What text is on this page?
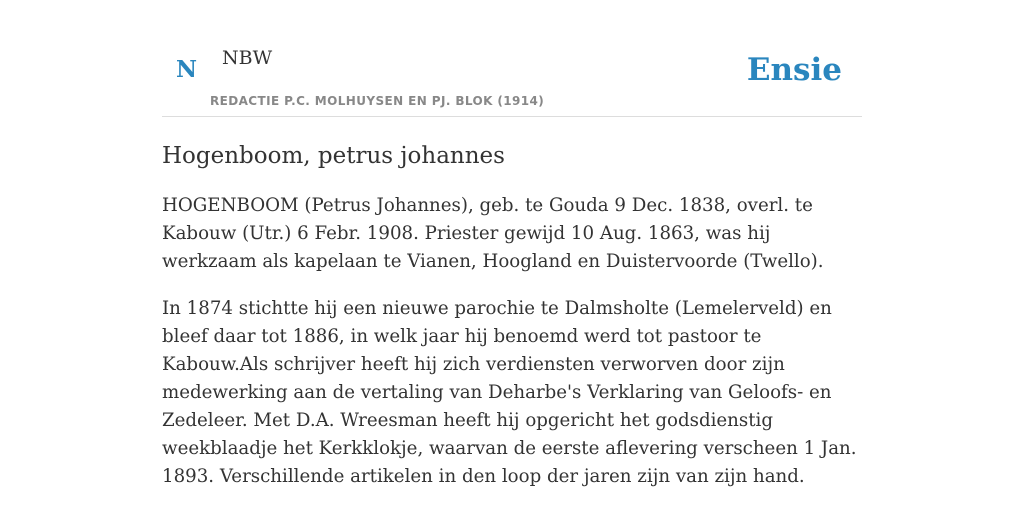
N NBW
REDACTIE P.C. MOLHUYSEN EN PJ. BLOK (1914)
Ensie
Hogenboom, petrus johannes

HOGENBOOM (Petrus Johannes), geb. te Gouda 9 Dec. 1838, overl. te Kabouw (Utr.) 6 Febr. 1908. Priester gewijd 10 Aug. 1863, was hij werkzaam als kapelaan te Vianen, Hoogland en Duistervoorde (Twello).

In 1874 stichtte hij een nieuwe parochie te Dalmsholte (Lemelerveld) en bleef daar tot 1886, in welk jaar hij benoemd werd tot pastoor te Kabouw.Als schrijver heeft hij zich verdiensten verworven door zijn medewerking aan de vertaling van Deharbe's Verklaring van Geloofs- en Zedeleer. Met D.A. Wreesman heeft hij opgericht het godsdienstig weekblaadje het Kerkklokje, waarvan de eerste aflevering verscheen 1 Jan. 1893. Verschillende artikelen in den loop der jaren zijn van zijn hand.
